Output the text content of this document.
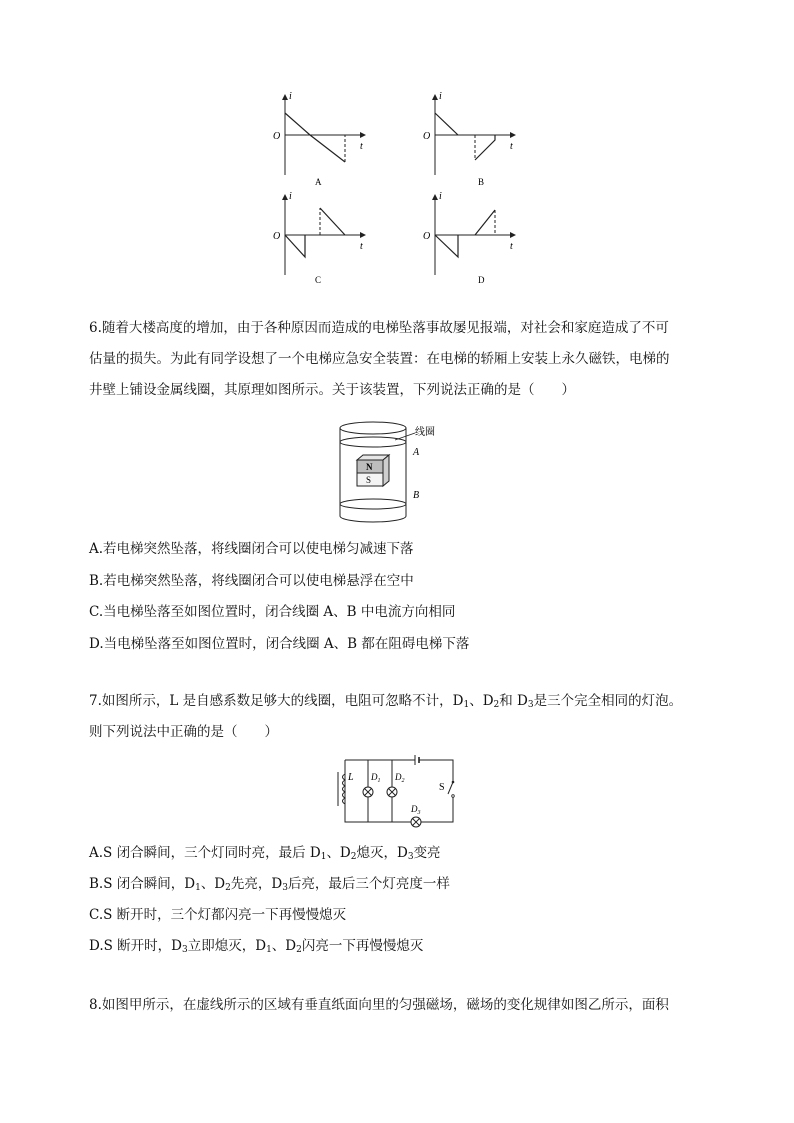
i
t
O
A
i
t
O
B
i
t
O
C
i
t
O
D
6.随着大楼高度的增加，由于各种原因而造成的电梯坠落事故屡见报端，对社会和家庭造成了不可
估量的损失。为此有同学设想了一个电梯应急安全装置：在电梯的轿厢上安装上永久磁铁，电梯的
井壁上铺设金属线圈，其原理如图所示。关于该装置，下列说法正确的是（　　）
N
S
线圈
A
B
A.若电梯突然坠落，将线圈闭合可以使电梯匀减速下落
B.若电梯突然坠落，将线圈闭合可以使电梯悬浮在空中
C.当电梯坠落至如图位置时，闭合线圈 A、B 中电流方向相同
D.当电梯坠落至如图位置时，闭合线圈 A、B 都在阻碍电梯下落
7.如图所示，L 是自感系数足够大的线圈，电阻可忽略不计，$D_1$、$D_2$和 $D_3$是三个完全相同的灯泡。
则下列说法中正确的是（　　）
L $D_1$ $D_2$
$D_3$
S
A.S 闭合瞬间，三个灯同时亮，最后 $D_1$、$D_2$熄灭，$D_3$变亮
B.S 闭合瞬间，$D_1$、$D_2$先亮，$D_3$后亮，最后三个灯亮度一样
C.S 断开时，三个灯都闪亮一下再慢慢熄灭
D.S 断开时，$D_3$立即熄灭，$D_1$、$D_2$闪亮一下再慢慢熄灭
8.如图甲所示，在虚线所示的区域有垂直纸面向里的匀强磁场，磁场的变化规律如图乙所示，面积
